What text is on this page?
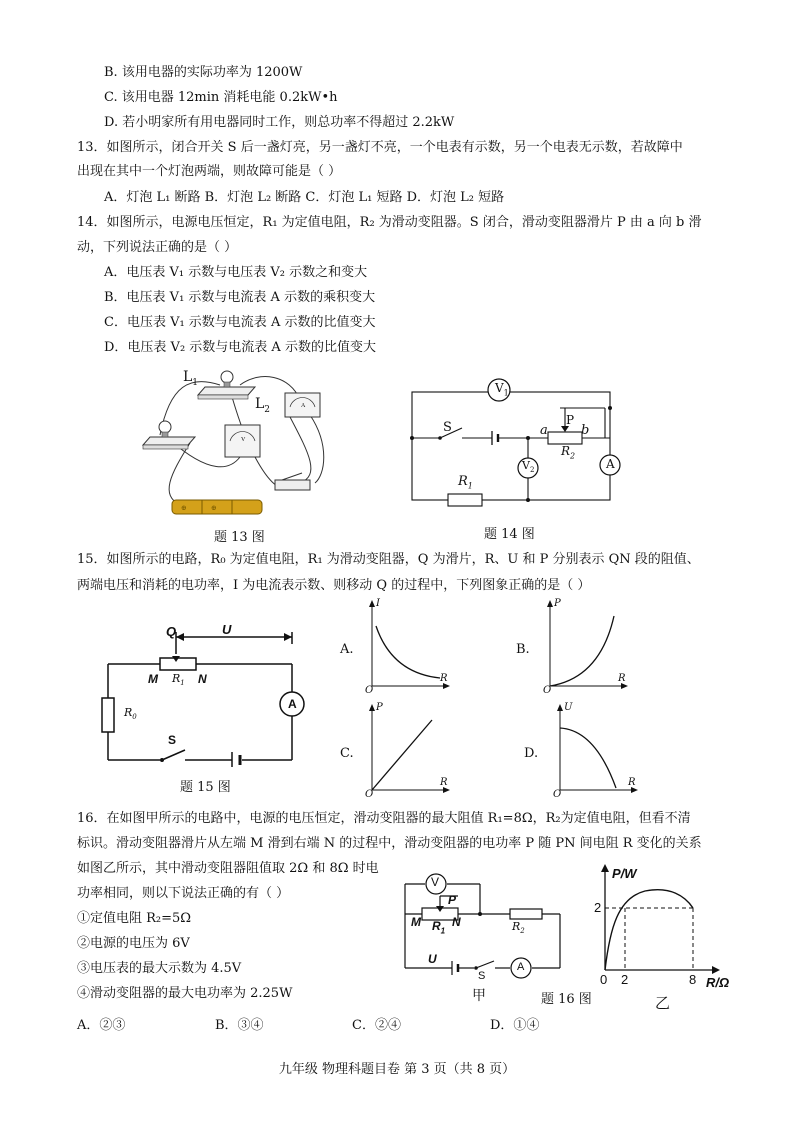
B. 该用电器的实际功率为 1200W
C. 该用电器 12min 消耗电能 0.2kW•h
D. 若小明家所有用电器同时工作，则总功率不得超过 2.2kW
13．如图所示，闭合开关 S 后一盏灯亮，另一盏灯不亮，一个电表有示数，另一个电表无示数，若故障中
出现在其中一个灯泡两端，则故障可能是（ ）
A．灯泡 L₁ 断路 B．灯泡 L₂ 断路 C．灯泡 L₁ 短路 D．灯泡 L₂ 短路
14．如图所示，电源电压恒定，R₁ 为定值电阻，R₂ 为滑动变阻器。S 闭合，滑动变阻器滑片 P 由 a 向 b 滑
动，下列说法正确的是（ ）
A．电压表 V₁ 示数与电压表 V₂ 示数之和变大
B．电压表 V₁ 示数与电流表 A 示数的乘积变大
C．电压表 V₁ 示数与电流表 A 示数的比值变大
D．电压表 V₂ 示数与电流表 A 示数的比值变大
A
V
⊕	⊕
$L_1$
$L_2$
题 13 图
$V_1$
S	a
P
b
$R_2$
$V_2$	A
$R_1$
题 14 图
15．如图所示的电路，R₀ 为定值电阻，R₁ 为滑动变阻器，Q 为滑片，R、U 和 P 分别表示 QN 段的阻值、
两端电压和消耗的电功率，I 为电流表示数、则移动 Q 的过程中，下列图象正确的是（ ）
Q	U
M $R_1$ N
$R_0$
S
A
题 15 图
A.
I
R
O
B.
P
R
O
C.
P
R
O
D.
U
R
O
16．在如图甲所示的电路中，电源的电压恒定，滑动变阻器的最大阻值 R₁=8Ω，R₂为定值电阻，但看不清
标识。滑动变阻器滑片从左端 M 滑到右端 N 的过程中，滑动变阻器的电功率 P 随 PN 间电阻 R 变化的关系
如图乙所示，其中滑动变阻器阻值取 2Ω 和 8Ω 时电
功率相同，则以下说法正确的有（ ）
①定值电阻 R₂=5Ω
②电源的电压为 6V
③电压表的最大示数为 4.5V
④滑动变阻器的最大电功率为 2.25W
V
P
M $R_1$
N	$R_2$
U
S
A
甲	题 16 图
P/W
2
0 2	8 R/Ω
乙
A．②③	B．③④	C．②④	D．①④
九年级 物理科题目卷 第 3 页（共 8 页）
